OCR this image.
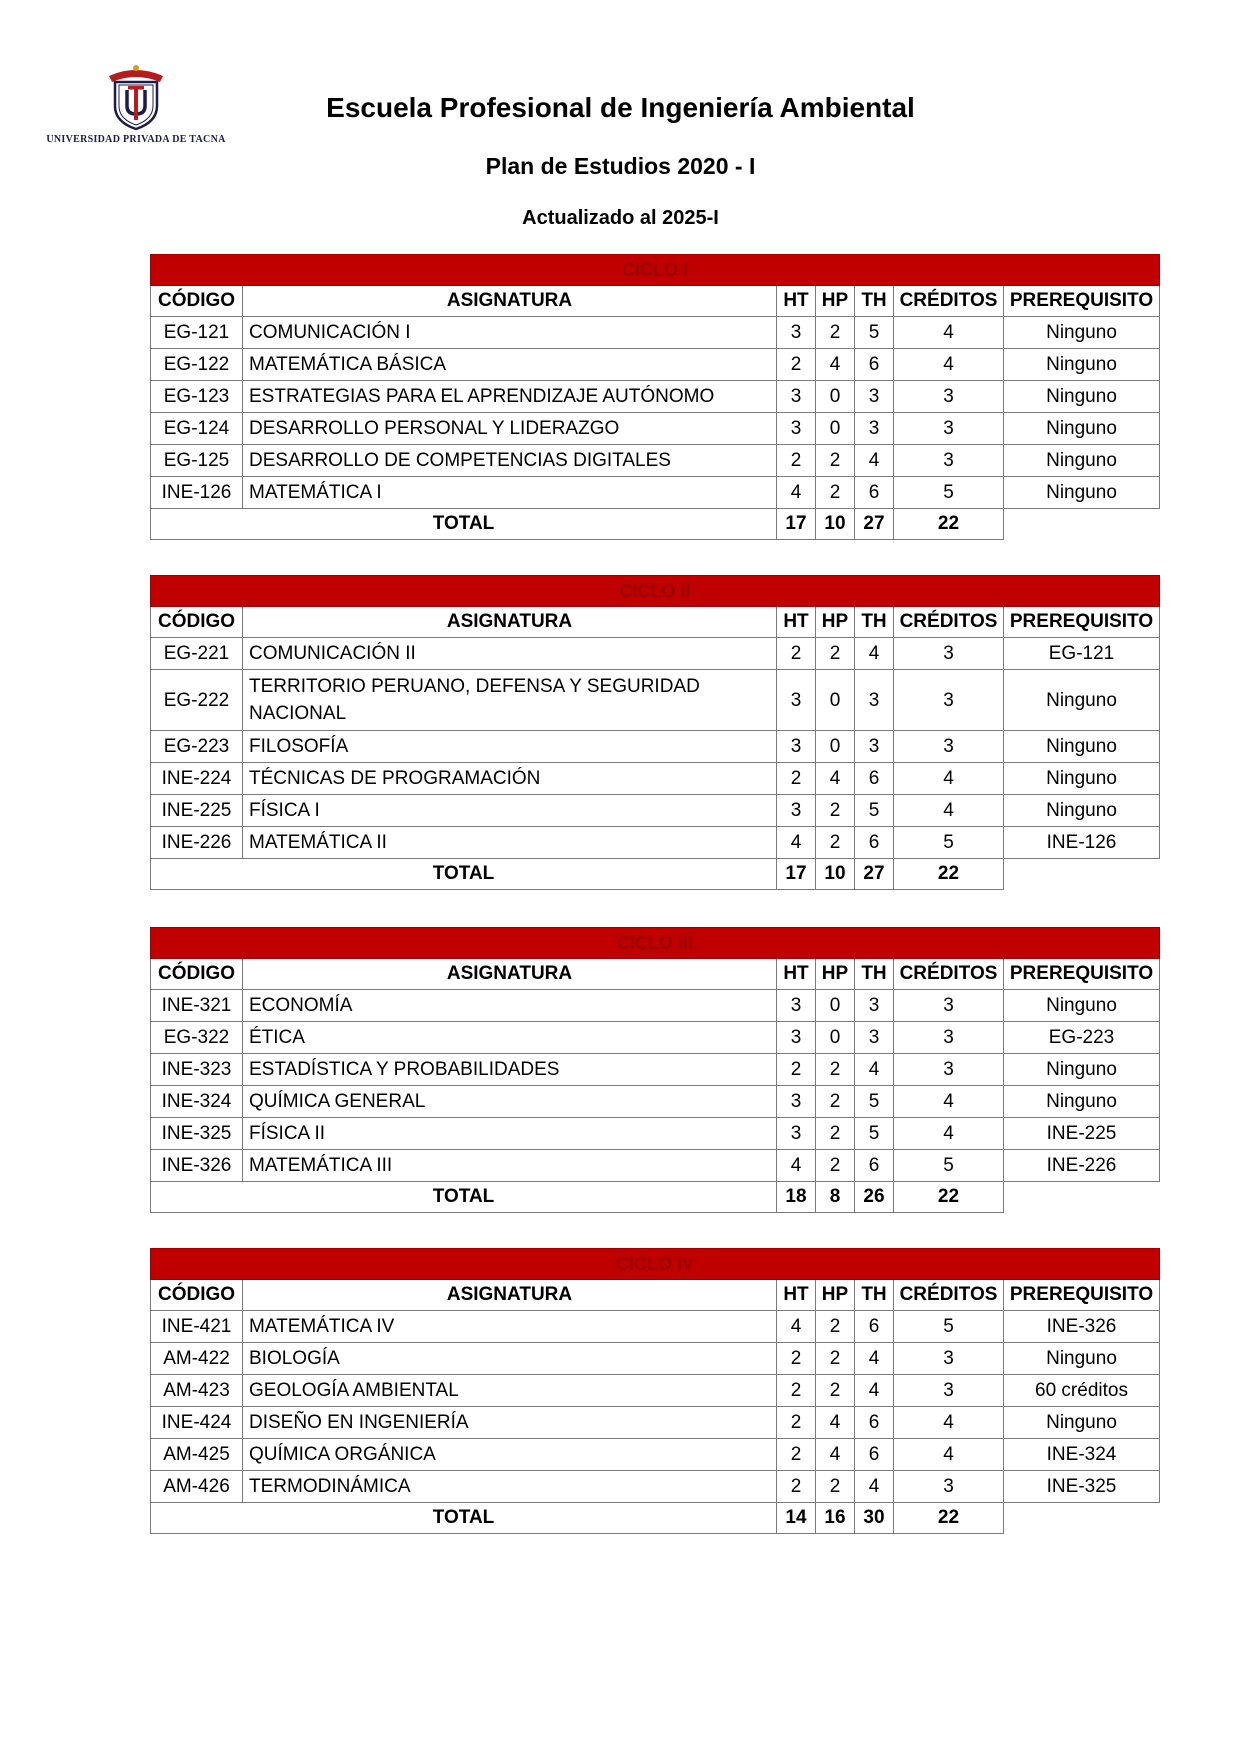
UNIVERSIDAD PRIVADA DE TACNA
Escuela Profesional de Ingeniería Ambiental
Plan de Estudios 2020 - I
Actualizado al 2025-I
CICLO I						
CÓDIGO	ASIGNATURA	HT	HP	TH	CRÉDITOS	PREREQUISITO
EG-121	COMUNICACIÓN I	3	2	5	4	Ninguno
EG-122	MATEMÁTICA BÁSICA	2	4	6	4	Ninguno
EG-123	ESTRATEGIAS PARA EL APRENDIZAJE AUTÓNOMO	3	0	3	3	Ninguno
EG-124	DESARROLLO PERSONAL Y LIDERAZGO	3	0	3	3	Ninguno
EG-125	DESARROLLO DE COMPETENCIAS DIGITALES	2	2	4	3	Ninguno
INE-126	MATEMÁTICA I	4	2	6	5	Ninguno
TOTAL		17	10	27	22	
CICLO II						
CÓDIGO	ASIGNATURA	HT	HP	TH	CRÉDITOS	PREREQUISITO
EG-221	COMUNICACIÓN II	2	2	4	3	EG-121
EG-222	TERRITORIO PERUANO, DEFENSA Y SEGURIDAD NACIONAL	3	0	3	3	Ninguno
EG-223	FILOSOFÍA	3	0	3	3	Ninguno
INE-224	TÉCNICAS DE PROGRAMACIÓN	2	4	6	4	Ninguno
INE-225	FÍSICA I	3	2	5	4	Ninguno
INE-226	MATEMÁTICA II	4	2	6	5	INE-126
TOTAL		17	10	27	22	
CICLO III						
CÓDIGO	ASIGNATURA	HT	HP	TH	CRÉDITOS	PREREQUISITO
INE-321	ECONOMÍA	3	0	3	3	Ninguno
EG-322	ÉTICA	3	0	3	3	EG-223
INE-323	ESTADÍSTICA Y PROBABILIDADES	2	2	4	3	Ninguno
INE-324	QUÍMICA GENERAL	3	2	5	4	Ninguno
INE-325	FÍSICA II	3	2	5	4	INE-225
INE-326	MATEMÁTICA III	4	2	6	5	INE-226
TOTAL		18	8	26	22	
CICLO IV						
CÓDIGO	ASIGNATURA	HT	HP	TH	CRÉDITOS	PREREQUISITO
INE-421	MATEMÁTICA IV	4	2	6	5	INE-326
AM-422	BIOLOGÍA	2	2	4	3	Ninguno
AM-423	GEOLOGÍA AMBIENTAL	2	2	4	3	60 créditos
INE-424	DISEÑO EN INGENIERÍA	2	4	6	4	Ninguno
AM-425	QUÍMICA ORGÁNICA	2	4	6	4	INE-324
AM-426	TERMODINÁMICA	2	2	4	3	INE-325
TOTAL		14	16	30	22	
